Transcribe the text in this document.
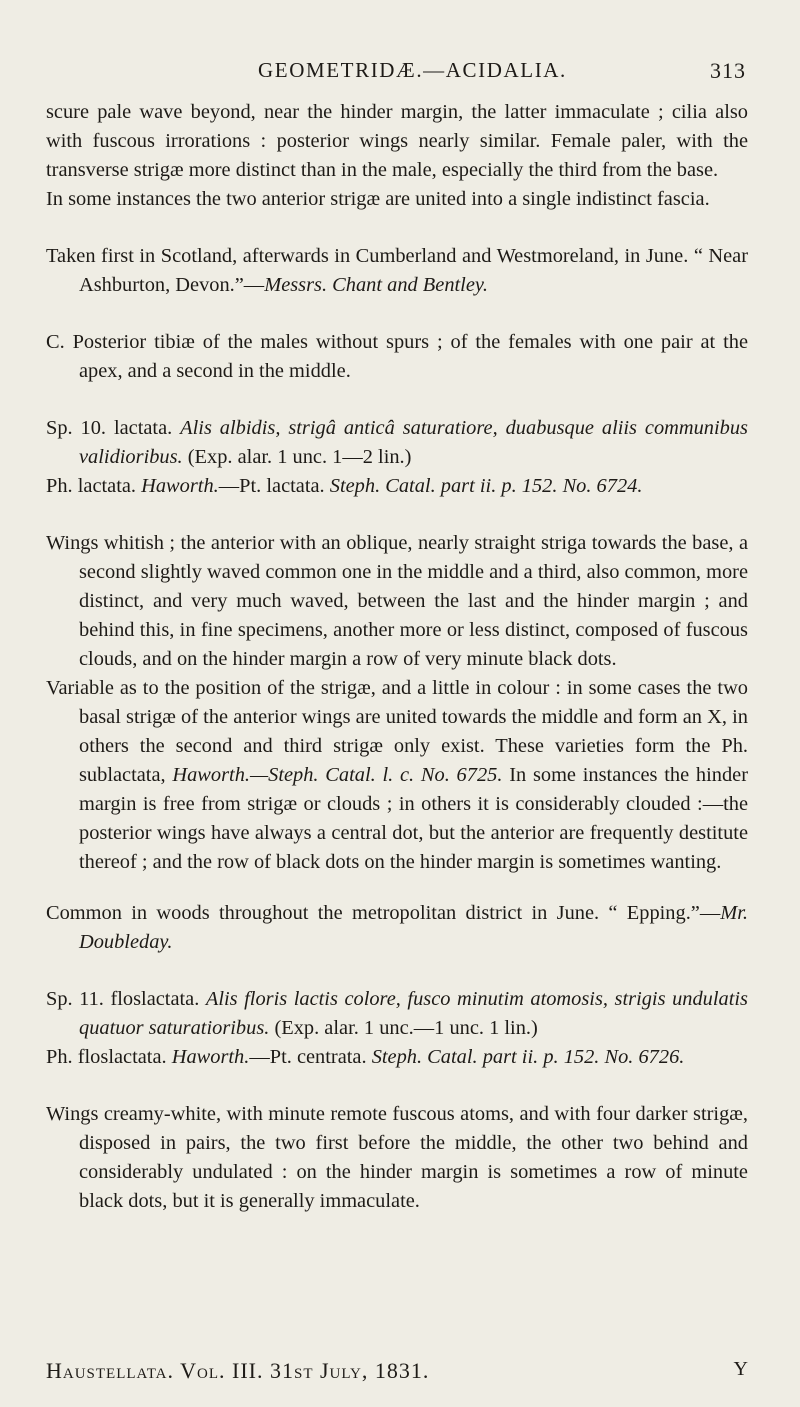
GEOMETRIDÆ.—ACIDALIA.	313

scure pale wave beyond, near the hinder margin, the latter immaculate ; cilia also with fuscous irrorations : posterior wings nearly similar. Female paler, with the transverse strigæ more distinct than in the male, especially the third from the base.

In some instances the two anterior strigæ are united into a single indistinct fascia.

Taken first in Scotland, afterwards in Cumberland and Westmoreland, in June. “ Near Ashburton, Devon.”—Messrs. Chant and Bentley.

C. Posterior tibiæ of the males without spurs ; of the females with one pair at the apex, and a second in the middle.

Sp. 10. lactata. Alis albidis, strigâ anticâ saturatiore, duabusque aliis communibus validioribus. (Exp. alar. 1 unc. 1—2 lin.)

Ph. lactata. Haworth.—Pt. lactata. Steph. Catal. part ii. p. 152. No. 6724.

Wings whitish ; the anterior with an oblique, nearly straight striga towards the base, a second slightly waved common one in the middle and a third, also common, more distinct, and very much waved, between the last and the hinder margin ; and behind this, in fine specimens, another more or less distinct, composed of fuscous clouds, and on the hinder margin a row of very minute black dots.

Variable as to the position of the strigæ, and a little in colour : in some cases the two basal strigæ of the anterior wings are united towards the middle and form an X, in others the second and third strigæ only exist. These varieties form the Ph. sublactata, Haworth.—Steph. Catal. l. c. No. 6725. In some instances the hinder margin is free from strigæ or clouds ; in others it is considerably clouded :—the posterior wings have always a central dot, but the anterior are frequently destitute thereof ; and the row of black dots on the hinder margin is sometimes wanting.

Common in woods throughout the metropolitan district in June. “ Epping.”—Mr. Doubleday.

Sp. 11. floslactata. Alis floris lactis colore, fusco minutim atomosis, strigis undulatis quatuor saturatioribus. (Exp. alar. 1 unc.—1 unc. 1 lin.)

Ph. floslactata. Haworth.—Pt. centrata. Steph. Catal. part ii. p. 152. No. 6726.

Wings creamy-white, with minute remote fuscous atoms, and with four darker strigæ, disposed in pairs, the two first before the middle, the other two behind and considerably undulated : on the hinder margin is sometimes a row of minute black dots, but it is generally immaculate.

Haustellata. Vol. III. 31st July, 1831.	Y
